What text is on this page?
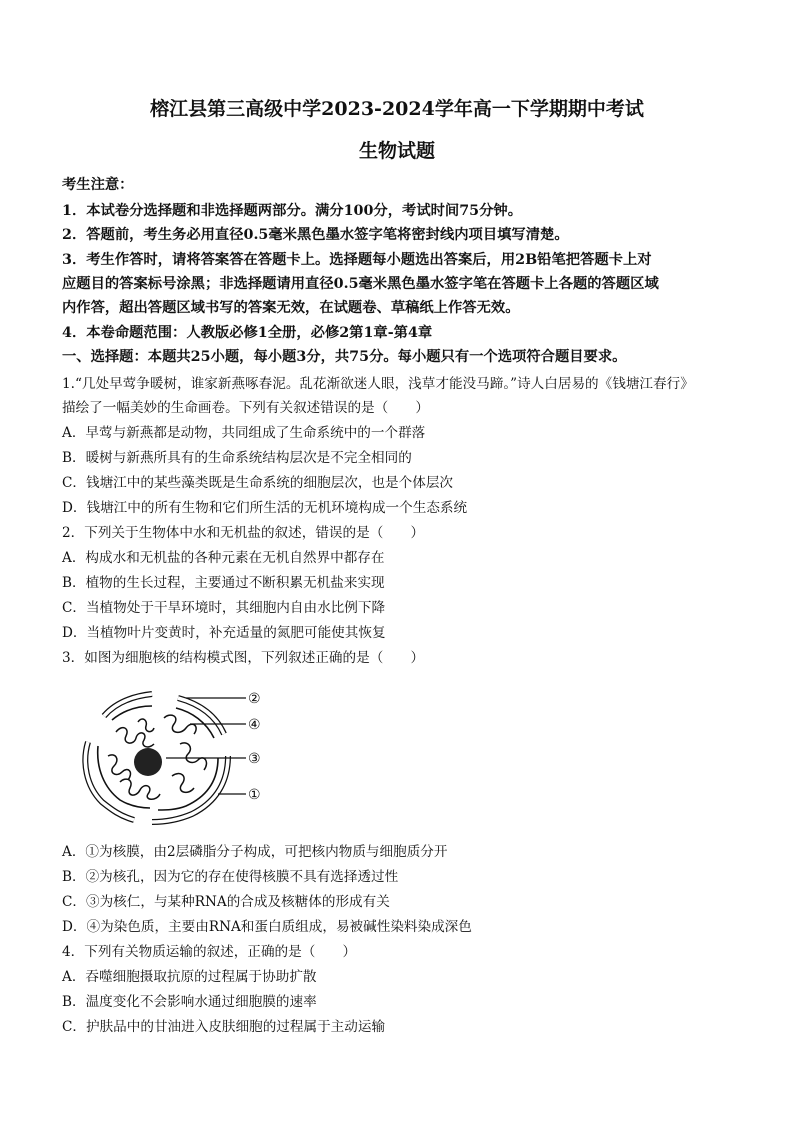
榕江县第三高级中学2023-2024学年高一下学期期中考试
生物试题
考生注意：
1．本试卷分选择题和非选择题两部分。满分100分，考试时间75分钟。
2．答题前，考生务必用直径0.5毫米黑色墨水签字笔将密封线内项目填写清楚。
3．考生作答时，请将答案答在答题卡上。选择题每小题选出答案后，用2B铅笔把答题卡上对
应题目的答案标号涂黑；非选择题请用直径0.5毫米黑色墨水签字笔在答题卡上各题的答题区域
内作答，超出答题区域书写的答案无效，在试题卷、草稿纸上作答无效。
4．本卷命题范围：人教版必修1全册，必修2第1章-第4章
一、选择题：本题共25小题，每小题3分，共75分。每小题只有一个选项符合题目要求。
1.“几处早莺争暖树，谁家新燕啄春泥。乱花渐欲迷人眼，浅草才能没马蹄。”诗人白居易的《钱塘江春行》
描绘了一幅美妙的生命画卷。下列有关叙述错误的是（　　）
A．早莺与新燕都是动物，共同组成了生命系统中的一个群落
B．暖树与新燕所具有的生命系统结构层次是不完全相同的
C．钱塘江中的某些藻类既是生命系统的细胞层次，也是个体层次
D．钱塘江中的所有生物和它们所生活的无机环境构成一个生态系统
2．下列关于生物体中水和无机盐的叙述，错误的是（　　）
A．构成水和无机盐的各种元素在无机自然界中都存在
B．植物的生长过程，主要通过不断积累无机盐来实现
C．当植物处于干旱环境时，其细胞内自由水比例下降
D．当植物叶片变黄时，补充适量的氮肥可能使其恢复
3．如图为细胞核的结构模式图，下列叙述正确的是（　　）
②
④
③
①
A．①为核膜，由2层磷脂分子构成，可把核内物质与细胞质分开
B．②为核孔，因为它的存在使得核膜不具有选择透过性
C．③为核仁，与某种RNA的合成及核糖体的形成有关
D．④为染色质，主要由RNA和蛋白质组成，易被碱性染料染成深色
4．下列有关物质运输的叙述，正确的是（　　）
A．吞噬细胞摄取抗原的过程属于协助扩散
B．温度变化不会影响水通过细胞膜的速率
C．护肤品中的甘油进入皮肤细胞的过程属于主动运输
